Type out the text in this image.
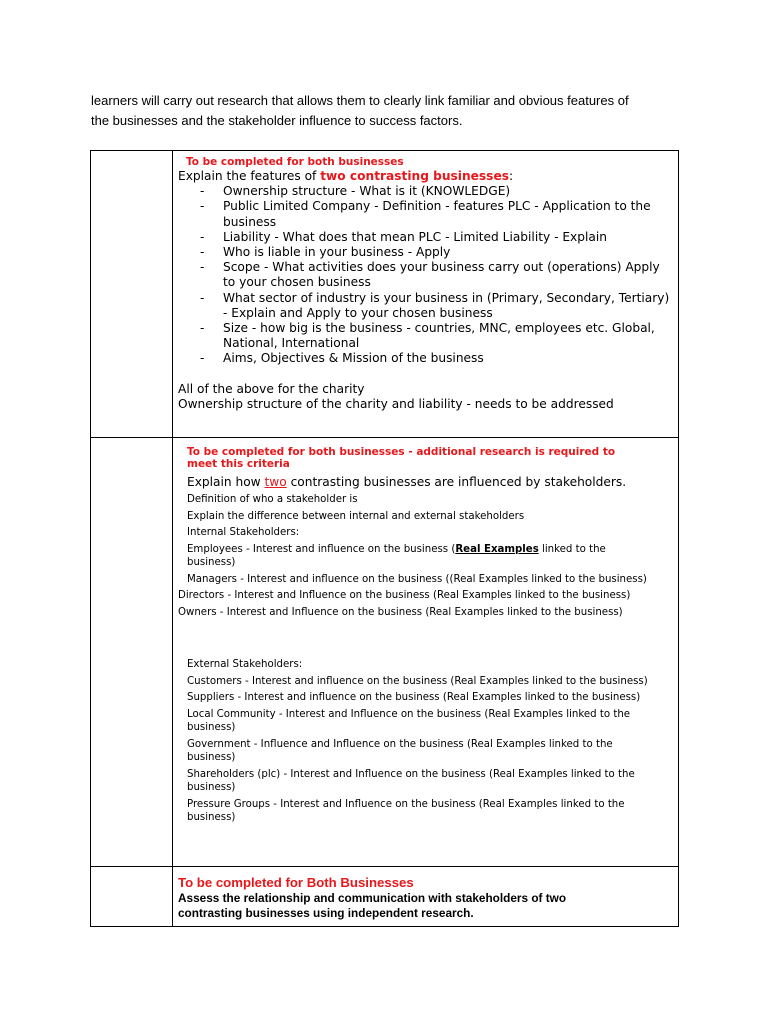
learners will carry out research that allows them to clearly link familiar and obvious features of
the businesses and the stakeholder influence to success factors.
To be completed for both businesses
Explain the features of two contrasting businesses:
- Ownership structure - What is it (KNOWLEDGE)
- Public Limited Company - Definition - features PLC - Application to the business
- Liability - What does that mean PLC - Limited Liability - Explain
- Who is liable in your business - Apply
- Scope - What activities does your business carry out (operations) Apply to your chosen business
- What sector of industry is your business in (Primary, Secondary, Tertiary) - Explain and Apply to your chosen business
- Size - how big is the business - countries, MNC, employees etc. Global, National, International
- Aims, Objectives & Mission of the business
All of the above for the charity
Ownership structure of the charity and liability - needs to be addressed
To be completed for both businesses - additional research is required to meet this criteria
Explain how two contrasting businesses are influenced by stakeholders.
Definition of who a stakeholder is
Explain the difference between internal and external stakeholders
Internal Stakeholders:
Employees - Interest and influence on the business (Real Examples linked to the business)
Managers - Interest and influence on the business ((Real Examples linked to the business)
Directors - Interest and Influence on the business (Real Examples linked to the business)
Owners - Interest and Influence on the business (Real Examples linked to the business)
External Stakeholders:
Customers - Interest and influence on the business (Real Examples linked to the business)
Suppliers - Interest and influence on the business (Real Examples linked to the business)
Local Community - Interest and Influence on the business (Real Examples linked to the business)
Government - Influence and Influence on the business (Real Examples linked to the business)
Shareholders (plc) - Interest and Influence on the business (Real Examples linked to the business)
Pressure Groups - Interest and Influence on the business (Real Examples linked to the business)
To be completed for Both Businesses
Assess the relationship and communication with stakeholders of two contrasting businesses using independent research.
